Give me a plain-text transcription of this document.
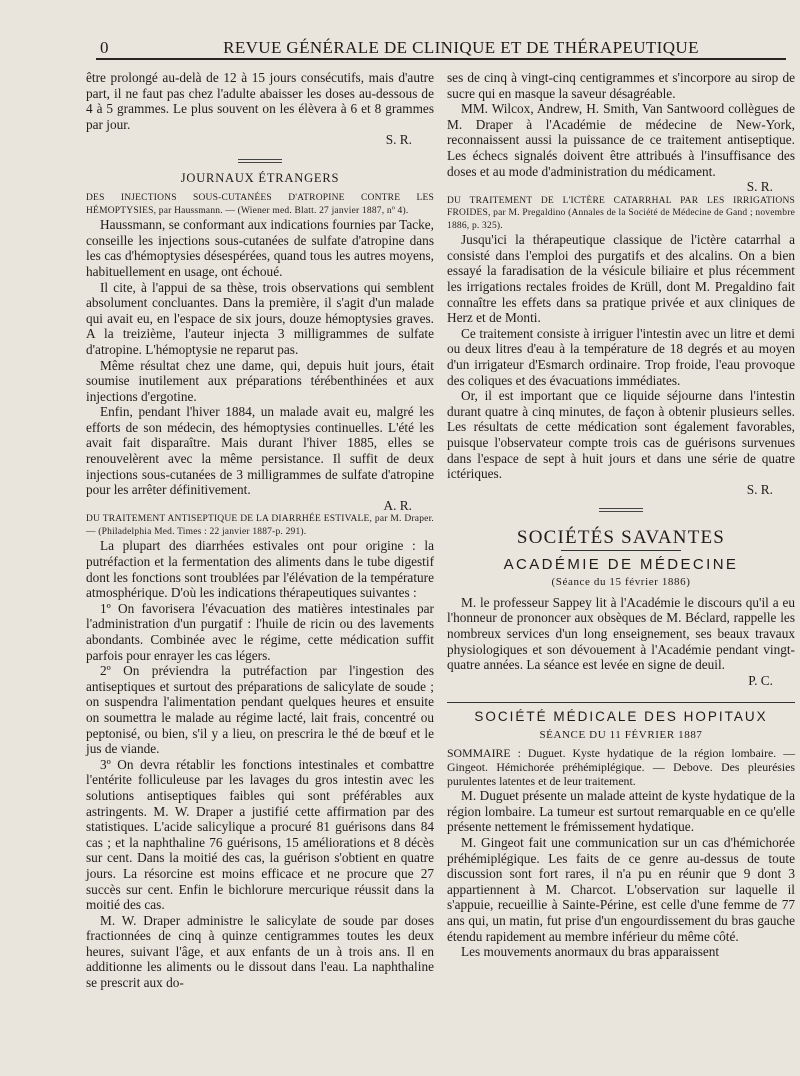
0	REVUE GÉNÉRALE DE CLINIQUE ET DE THÉRAPEUTIQUE

être prolongé au-delà de 12 à 15 jours consécutifs, mais d'autre part, il ne faut pas chez l'adulte abaisser les doses au-dessous de 4 à 5 grammes. Le plus souvent on les élèvera à 6 et 8 grammes par jour.

S. R.

JOURNAUX ÉTRANGERS

DES INJECTIONS SOUS-CUTANÉES D'ATROPINE CONTRE LES HÉMOPTYSIES, par Haussmann. — (Wiener med. Blatt. 27 janvier 1887, nº 4).

Haussmann, se conformant aux indications fournies par Tacke, conseille les injections sous-cutanées de sulfate d'atropine dans les cas d'hémoptysies désespérées, quand tous les autres moyens, habituellement en usage, ont échoué.

Il cite, à l'appui de sa thèse, trois observations qui semblent absolument concluantes. Dans la première, il s'agit d'un malade qui avait eu, en l'espace de six jours, douze hémoptysies graves. A la treizième, l'auteur injecta 3 milligrammes de sulfate d'atropine. L'hémoptysie ne reparut pas.

Même résultat chez une dame, qui, depuis huit jours, était soumise inutilement aux préparations térébenthinées et aux injections d'ergotine.

Enfin, pendant l'hiver 1884, un malade avait eu, malgré les efforts de son médecin, des hémoptysies continuelles. L'été les avait fait disparaître. Mais durant l'hiver 1885, elles se renouvelèrent avec la même persistance. Il suffit de deux injections sous-cutanées de 3 milligrammes de sulfate d'atropine pour les arrêter définitivement.

A. R.

DU TRAITEMENT ANTISEPTIQUE DE LA DIARRHÉE ESTIVALE, par M. Draper. — (Philadelphia Med. Times : 22 janvier 1887-p. 291).

La plupart des diarrhées estivales ont pour origine : la putréfaction et la fermentation des aliments dans le tube digestif dont les fonctions sont troublées par l'élévation de la température atmosphérique. D'où les indications thérapeutiques suivantes :

1º On favorisera l'évacuation des matières intestinales par l'administration d'un purgatif : l'huile de ricin ou des lavements abondants. Combinée avec le régime, cette médication suffit parfois pour enrayer les cas légers.

2º On préviendra la putréfaction par l'ingestion des antiseptiques et surtout des préparations de salicylate de soude ; on suspendra l'alimentation pendant quelques heures et ensuite on soumettra le malade au régime lacté, lait frais, concentré ou peptonisé, ou bien, s'il y a lieu, on prescrira le thé de bœuf et le jus de viande.

3º On devra rétablir les fonctions intestinales et combattre l'entérite folliculeuse par les lavages du gros intestin avec les solutions antiseptiques faibles qui sont préférables aux astringents. M. W. Draper a justifié cette affirmation par des statistiques. L'acide salicylique a procuré 81 guérisons dans 84 cas ; et la naphthaline 76 guérisons, 15 améliorations et 8 décès sur cent. Dans la moitié des cas, la guérison s'obtient en quatre jours. La résorcine est moins efficace et ne procure que 27 succès sur cent. Enfin le bichlorure mercurique réussit dans la moitié des cas.

M. W. Draper administre le salicylate de soude par doses fractionnées de cinq à quinze centigrammes toutes les deux heures, suivant l'âge, et aux enfants de un à trois ans. Il en additionne les aliments ou le dissout dans l'eau. La naphthaline se prescrit aux do-

ses de cinq à vingt-cinq centigrammes et s'incorpore au sirop de sucre qui en masque la saveur désagréable.

MM. Wilcox, Andrew, H. Smith, Van Santwoord collègues de M. Draper à l'Académie de médecine de New-York, reconnaissent aussi la puissance de ce traitement antiseptique. Les échecs signalés doivent être attribués à l'insuffisance des doses et au mode d'administration du médicament.

S. R.

DU TRAITEMENT DE L'ICTÈRE CATARRHAL PAR LES IRRIGATIONS FROIDES, par M. Pregaldino (Annales de la Société de Médecine de Gand ; novembre 1886, p. 325).

Jusqu'ici la thérapeutique classique de l'ictère catarrhal a consisté dans l'emploi des purgatifs et des alcalins. On a bien essayé la faradisation de la vésicule biliaire et plus récemment les irrigations rectales froides de Krüll, dont M. Pregaldino fait connaître les effets dans sa pratique privée et aux cliniques de Herz et de Monti.

Ce traitement consiste à irriguer l'intestin avec un litre et demi ou deux litres d'eau à la température de 18 degrés et au moyen d'un irrigateur d'Esmarch ordinaire. Trop froide, l'eau provoque des coliques et des évacuations immédiates.

Or, il est important que ce liquide séjourne dans l'intestin durant quatre à cinq minutes, de façon à obtenir plusieurs selles. Les résultats de cette médication sont également favorables, puisque l'observateur compte trois cas de guérisons survenues dans l'espace de sept à huit jours et dans une série de quatre ictériques.

S. R.

SOCIÉTÉS SAVANTES
ACADÉMIE DE MÉDECINE
(Séance du 15 février 1886)

M. le professeur Sappey lit à l'Académie le discours qu'il a eu l'honneur de prononcer aux obsèques de M. Béclard, rappelle les nombreux services d'un long enseignement, ses beaux travaux physiologiques et son dévouement à l'Académie pendant vingt-quatre années. La séance est levée en signe de deuil.

P. C.

SOCIÉTÉ MÉDICALE DES HOPITAUX
SÉANCE DU 11 FÉVRIER 1887

SOMMAIRE : Duguet. Kyste hydatique de la région lombaire. — Gingeot. Hémichorée préhémiplégique. — Debove. Des pleurésies purulentes latentes et de leur traitement.

M. Duguet présente un malade atteint de kyste hydatique de la région lombaire. La tumeur est surtout remarquable en ce qu'elle présente nettement le frémissement hydatique.

M. Gingeot fait une communication sur un cas d'hémichorée préhémiplégique. Les faits de ce genre au-dessus de toute discussion sont fort rares, il n'a pu en réunir que 9 dont 3 appartiennent à M. Charcot. L'observation sur laquelle il s'appuie, recueillie à Sainte-Périne, est celle d'une femme de 77 ans qui, un matin, fut prise d'un engourdissement du bras gauche étendu rapidement au membre inférieur du même côté.

Les mouvements anormaux du bras apparaissent
